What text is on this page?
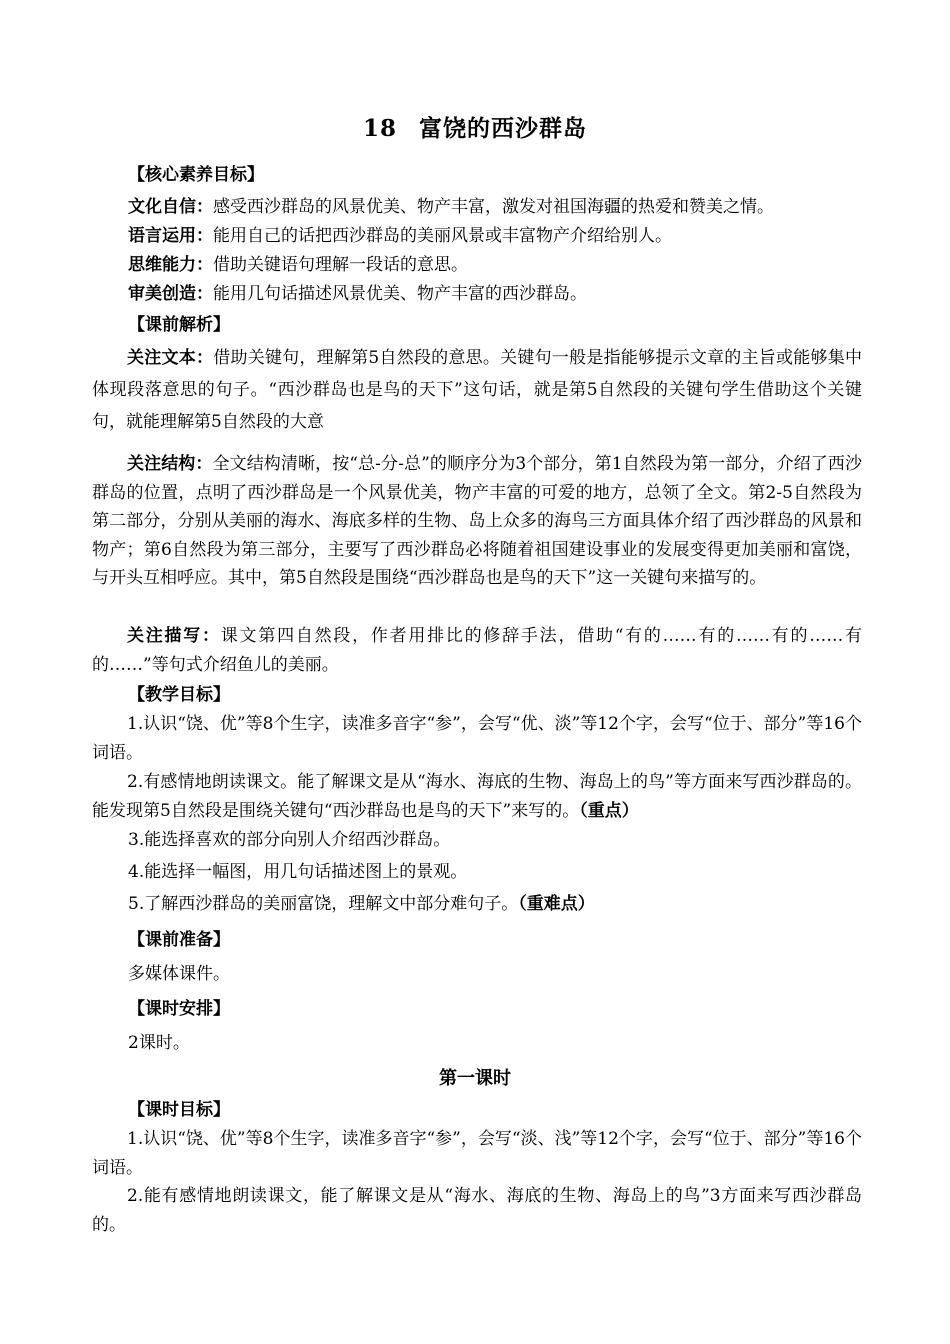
18 富饶的西沙群岛
【核心素养目标】
文化自信：感受西沙群岛的风景优美、物产丰富，激发对祖国海疆的热爱和赞美之情。
语言运用：能用自己的话把西沙群岛的美丽风景或丰富物产介绍给别人。
思维能力：借助关键语句理解一段话的意思。
审美创造：能用几句话描述风景优美、物产丰富的西沙群岛。
【课前解析】
关注文本：借助关键句，理解第5自然段的意思。关键句一般是指能够提示文章的主旨或能够集中体现段落意思的句子。“西沙群岛也是鸟的天下”这句话，就是第5自然段的关键句学生借助这个关键句，就能理解第5自然段的大意
关注结构：全文结构清晰，按“总-分-总”的顺序分为3个部分，第1自然段为第一部分，介绍了西沙群岛的位置，点明了西沙群岛是一个风景优美，物产丰富的可爱的地方，总领了全文。第2-5自然段为第二部分，分别从美丽的海水、海底多样的生物、岛上众多的海鸟三方面具体介绍了西沙群岛的风景和物产；第6自然段为第三部分，主要写了西沙群岛必将随着祖国建设事业的发展变得更加美丽和富饶，与开头互相呼应。其中，第5自然段是围绕“西沙群岛也是鸟的天下”这一关键句来描写的。
关注描写：课文第四自然段，作者用排比的修辞手法，借助“有的……有的……有的……有的……”等句式介绍鱼儿的美丽。
【教学目标】
1.认识“饶、优”等8个生字，读准多音字“参”，会写“优、淡”等12个字，会写“位于、部分”等16个词语。
2.有感情地朗读课文。能了解课文是从“海水、海底的生物、海岛上的鸟”等方面来写西沙群岛的。能发现第5自然段是围绕关键句“西沙群岛也是鸟的天下”来写的。（重点）
3.能选择喜欢的部分向别人介绍西沙群岛。
4.能选择一幅图，用几句话描述图上的景观。
5.了解西沙群岛的美丽富饶，理解文中部分难句子。（重难点）
【课前准备】
多媒体课件。
【课时安排】
2课时。
第一课时
【课时目标】
1.认识“饶、优”等8个生字，读准多音字“参”，会写“淡、浅”等12个字，会写“位于、部分”等16个词语。
2.能有感情地朗读课文，能了解课文是从“海水、海底的生物、海岛上的鸟”3方面来写西沙群岛的。
